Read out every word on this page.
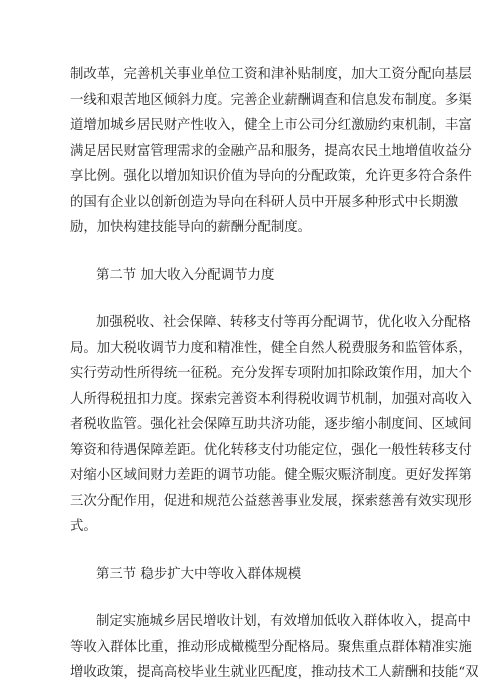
制改革，完善机关事业单位工资和津补贴制度，加大工资分配向基层
一线和艰苦地区倾斜力度。完善企业薪酬调查和信息发布制度。多渠
道增加城乡居民财产性收入，健全上市公司分红激励约束机制，丰富
满足居民财富管理需求的金融产品和服务，提高农民土地增值收益分
享比例。强化以增加知识价值为导向的分配政策，允许更多符合条件
的国有企业以创新创造为导向在科研人员中开展多种形式中长期激
励，加快构建技能导向的薪酬分配制度。

第二节 加大收入分配调节力度

加强税收、社会保障、转移支付等再分配调节，优化收入分配格
局。加大税收调节力度和精准性，健全自然人税费服务和监管体系，
实行劳动性所得统一征税。充分发挥专项附加扣除政策作用，加大个
人所得税扭扣力度。探索完善资本利得税收调节机制，加强对高收入
者税收监管。强化社会保障互助共济功能，逐步缩小制度间、区域间
筹资和待遇保障差距。优化转移支付功能定位，强化一般性转移支付
对缩小区域间财力差距的调节功能。健全赈灾赈济制度。更好发挥第
三次分配作用，促进和规范公益慈善事业发展，探索慈善有效实现形
式。

第三节 稳步扩大中等收入群体规模

制定实施城乡居民增收计划，有效增加低收入群体收入，提高中
等收入群体比重，推动形成橄榄型分配格局。聚焦重点群体精准实施
增收政策，提高高校毕业生就业匹配度，推动技术工人薪酬和技能“双
